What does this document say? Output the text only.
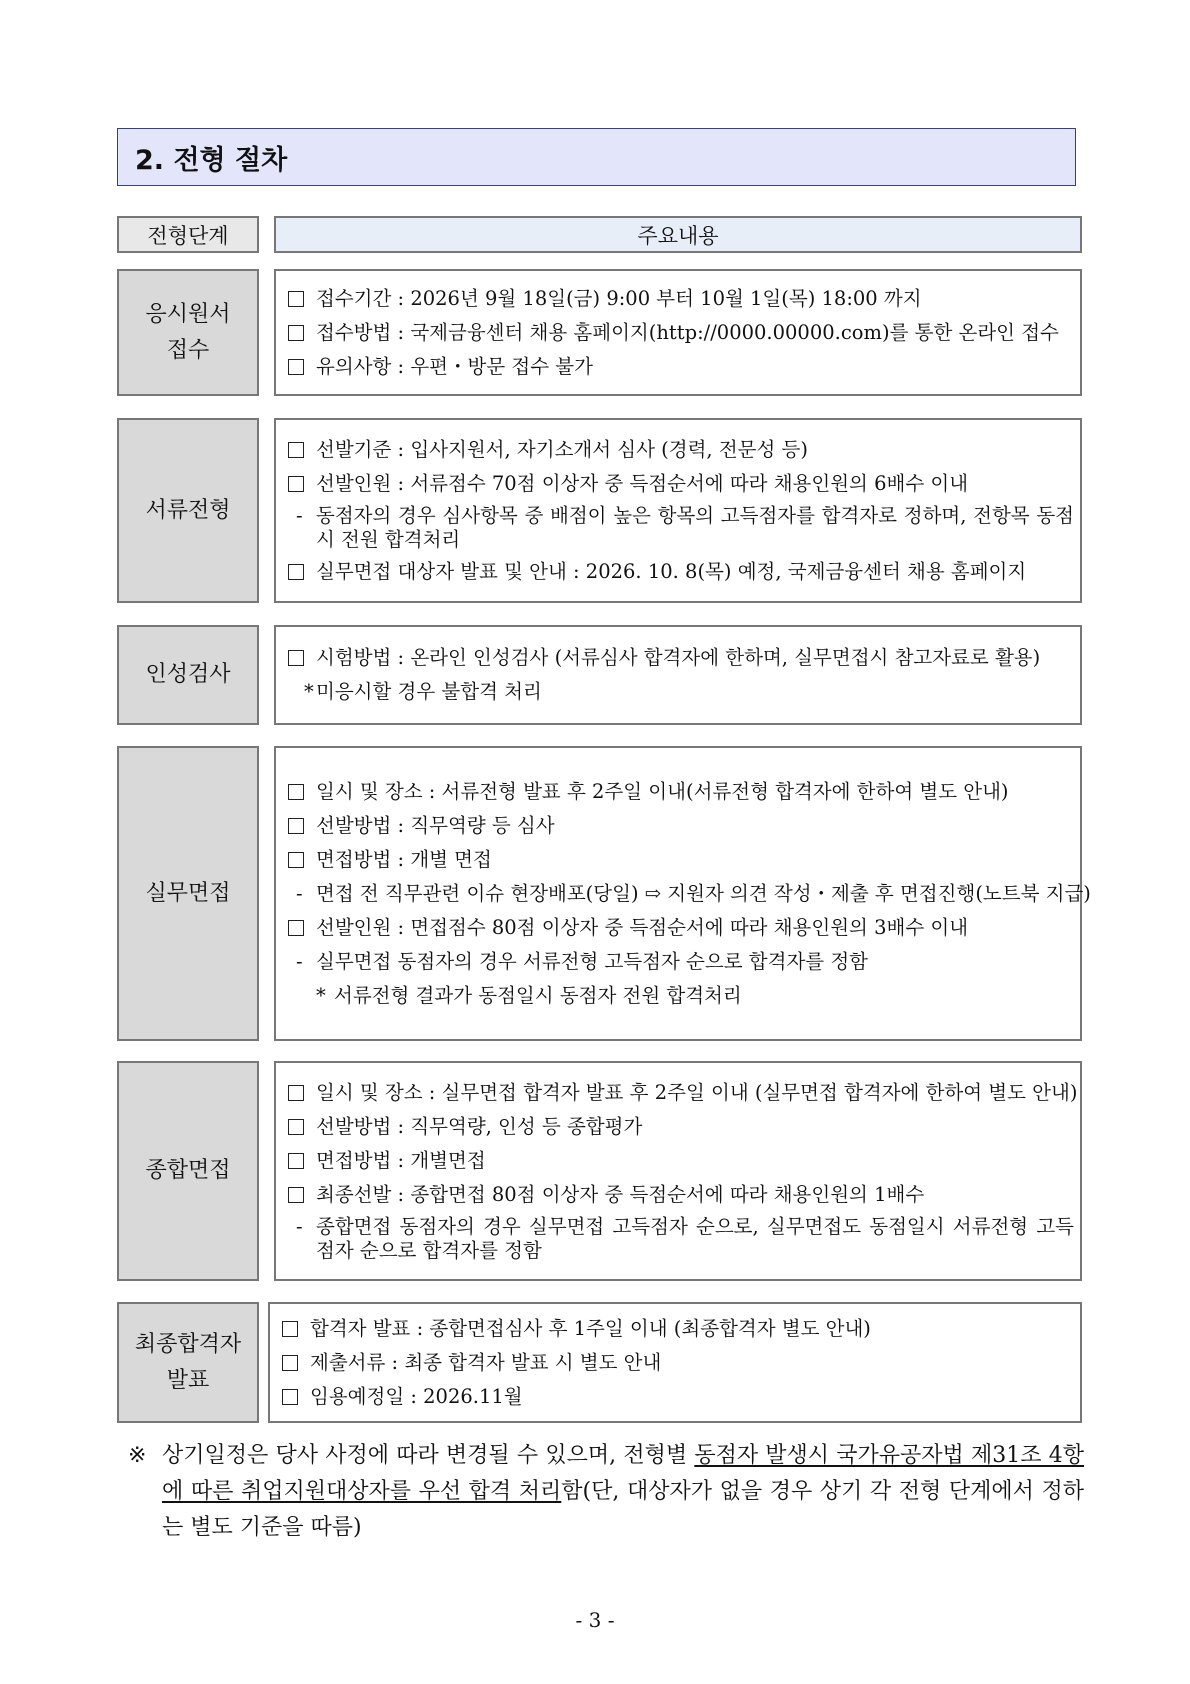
2. 전형 절차
전형단계	주요내용
응시원서
접수
접수기간 : 2026년 9월 18일(금) 9:00 부터 10월 1일(목) 18:00 까지
접수방법 : 국제금융센터 채용 홈페이지(http://0000.00000.com)를 통한 온라인 접수
유의사항 : 우편・방문 접수 불가
서류전형
선발기준 : 입사지원서, 자기소개서 심사 (경력, 전문성 등)
선발인원 : 서류점수 70점 이상자 중 득점순서에 따라 채용인원의 6배수 이내
- 동점자의 경우 심사항목 중 배점이 높은 항목의 고득점자를 합격자로 정하며, 전항목 동점시 전원 합격처리
실무면접 대상자 발표 및 안내 : 2026. 10. 8(목) 예정, 국제금융센터 채용 홈페이지
인성검사
시험방법 : 온라인 인성검사 (서류심사 합격자에 한하며, 실무면접시 참고자료로 활용)
* 미응시할 경우 불합격 처리
실무면접
일시 및 장소 : 서류전형 발표 후 2주일 이내(서류전형 합격자에 한하여 별도 안내)
선발방법 : 직무역량 등 심사
면접방법 : 개별 면접
- 면접 전 직무관련 이슈 현장배포(당일) ⇨ 지원자 의견 작성・제출 후 면접진행(노트북 지급)
선발인원 : 면접점수 80점 이상자 중 득점순서에 따라 채용인원의 3배수 이내
- 실무면접 동점자의 경우 서류전형 고득점자 순으로 합격자를 정함
* 서류전형 결과가 동점일시 동점자 전원 합격처리
종합면접
일시 및 장소 : 실무면접 합격자 발표 후 2주일 이내 (실무면접 합격자에 한하여 별도 안내)
선발방법 : 직무역량, 인성 등 종합평가
면접방법 : 개별면접
최종선발 : 종합면접 80점 이상자 중 득점순서에 따라 채용인원의 1배수
- 종합면접 동점자의 경우 실무면접 고득점자 순으로, 실무면접도 동점일시 서류전형 고득점자 순으로 합격자를 정함
최종합격자
발표
합격자 발표 : 종합면접심사 후 1주일 이내 (최종합격자 별도 안내)
제출서류 : 최종 합격자 발표 시 별도 안내
임용예정일 : 2026.11월
※ 상기일정은 당사 사정에 따라 변경될 수 있으며, 전형별 동점자 발생시 국가유공자법 제31조 4항에 따른 취업지원대상자를 우선 합격 처리함(단, 대상자가 없을 경우 상기 각 전형 단계에서 정하는 별도 기준을 따름)
- 3 -
